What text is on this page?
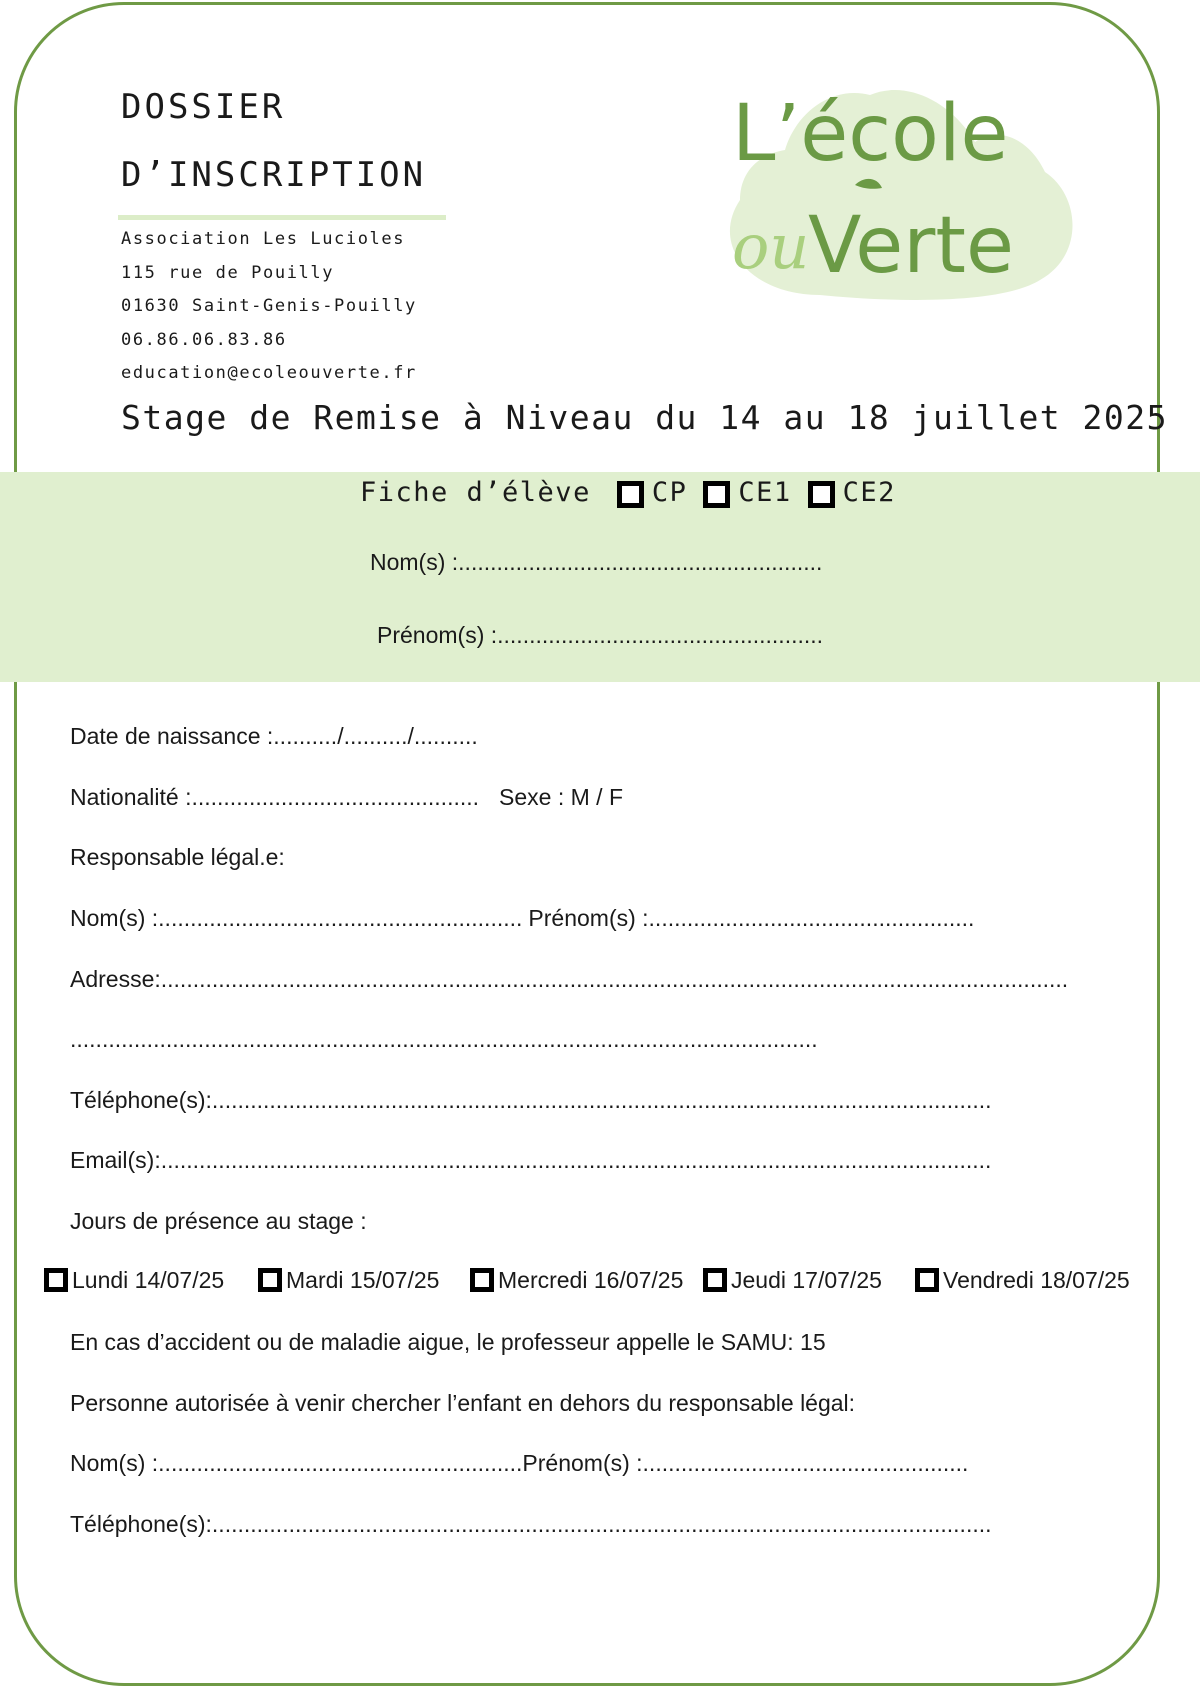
DOSSIER
D’INSCRIPTION
Association Les Lucioles
115 rue de Pouilly
01630 Saint-Genis-Pouilly
06.86.06.83.86
education@ecoleouverte.fr
L’école
ou
Verte
Stage de Remise à Niveau du 14 au 18 juillet 2025
Fiche d’élève CP CE1 CE2
Nom(s) :.........................................................
Prénom(s) :...................................................
Date de naissance :........../........../..........
Nationalité :............................................. Sexe : M / F
Responsable légal.e:
Nom(s) :......................................................... Prénom(s) :...................................................
Adresse:..............................................................................................................................................
.....................................................................................................................
Téléphone(s):..........................................................................................................................
Email(s):..................................................................................................................................
Jours de présence au stage :
Lundi 14/07/25	Mardi 15/07/25	Mercredi 16/07/25 Jeudi 17/07/25	Vendredi 18/07/25
En cas d’accident ou de maladie aigue, le professeur appelle le SAMU: 15
Personne autorisée à venir chercher l’enfant en dehors du responsable légal:
Nom(s) :.........................................................Prénom(s) :...................................................
Téléphone(s):..........................................................................................................................
